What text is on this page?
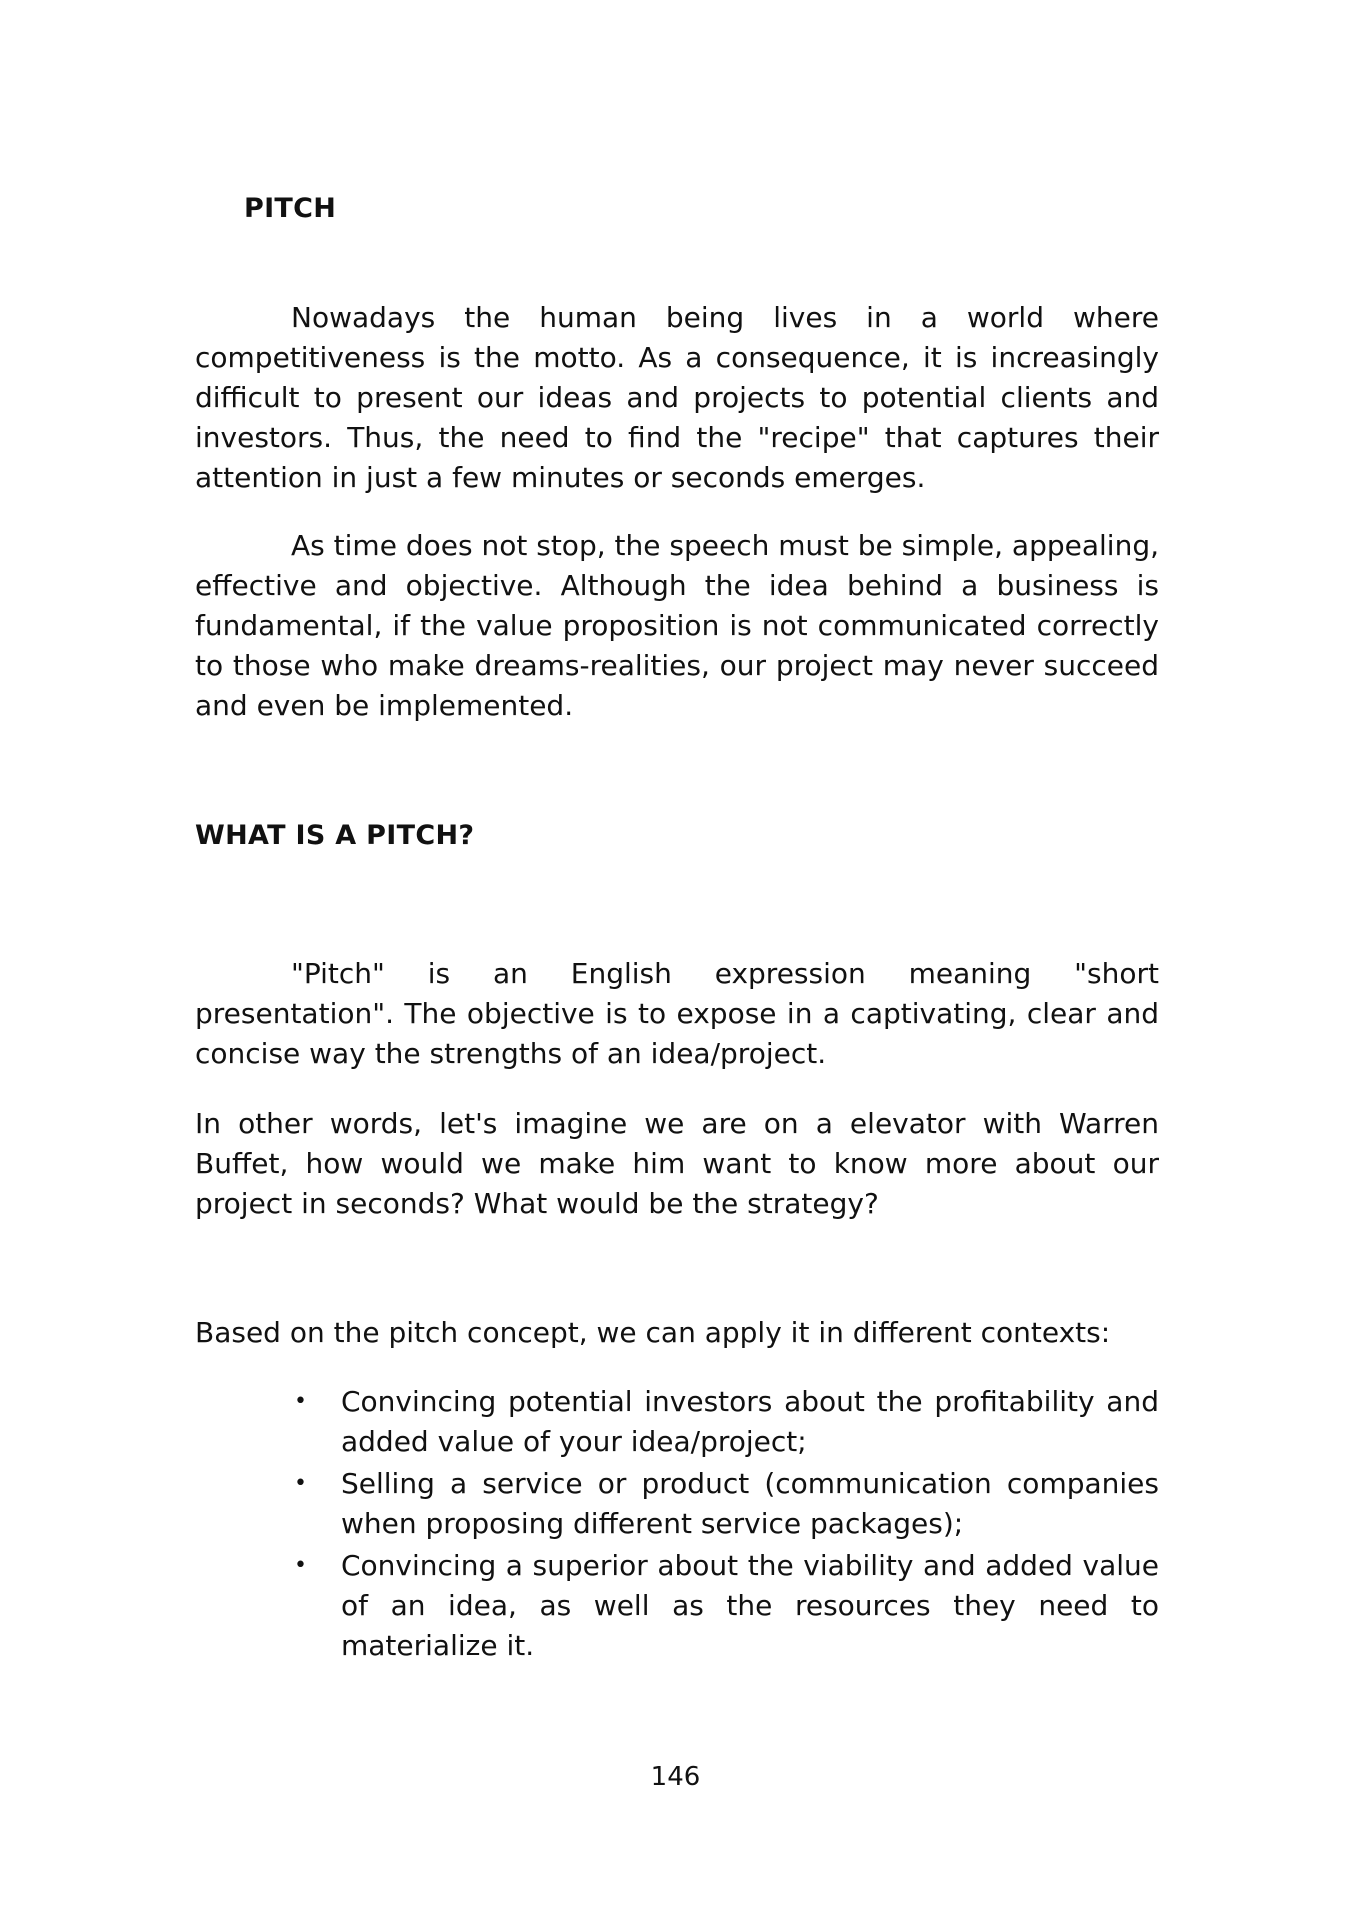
PITCH

Nowadays the human being lives in a world where competitiveness is the motto. As a consequence, it is increasingly difficult to present our ideas and projects to potential clients and investors. Thus, the need to find the "recipe" that captures their attention in just a few minutes or seconds emerges.

As time does not stop, the speech must be simple, appealing, effective and objective. Although the idea behind a business is fundamental, if the value proposition is not communicated correctly to those who make dreams-realities, our project may never succeed and even be implemented.

WHAT IS A PITCH?

"Pitch" is an English expression meaning "short presentation". The objective is to expose in a captivating, clear and concise way the strengths of an idea/project.

In other words, let's imagine we are on a elevator with Warren Buffet, how would we make him want to know more about our project in seconds? What would be the strategy?

Based on the pitch concept, we can apply it in different contexts:

• Convincing potential investors about the profitability and added value of your idea/project;
• Selling a service or product (communication companies when proposing different service packages);
• Convincing a superior about the viability and added value of an idea, as well as the resources they need to materialize it.
146
